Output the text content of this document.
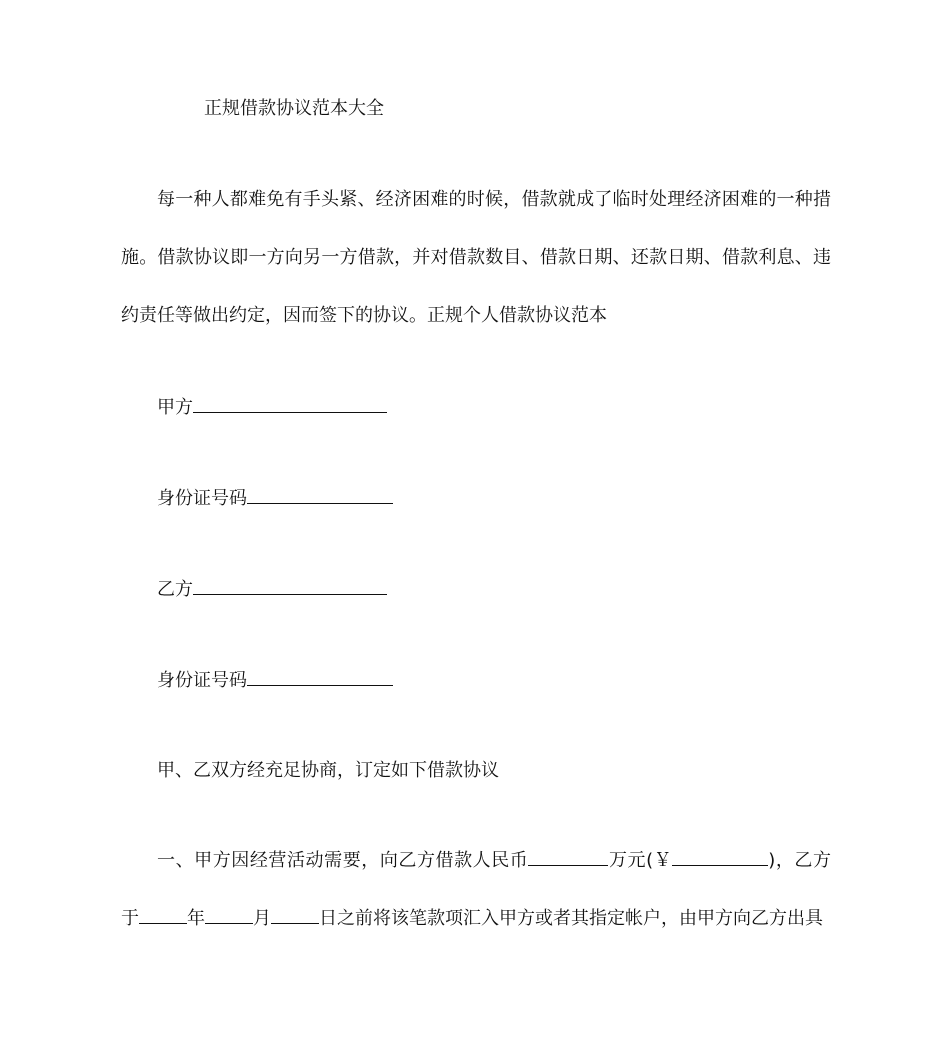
正规借款协议范本大全
每一种人都难免有手头紧、经济困难的时候，借款就成了临时处理经济困难的一种措
施。借款协议即一方向另一方借款，并对借款数目、借款日期、还款日期、借款利息、违
约责任等做出约定，因而签下的协议。正规个人借款协议范本
甲方
身份证号码
乙方
身份证号码
甲、乙双方经充足协商，订定如下借款协议
一、甲方因经营活动需要，向乙方借款人民币	万元(￥	)，乙方
于	年	月	日之前将该笔款项汇入甲方或者其指定帐户，由甲方向乙方出具
